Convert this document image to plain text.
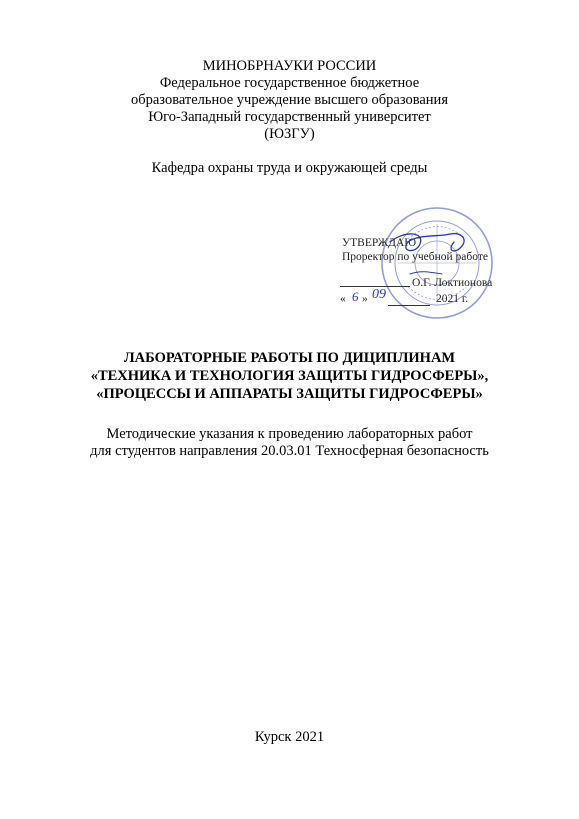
МИНОБРНАУКИ РОССИИ
Федеральное государственное бюджетное
образовательное учреждение высшего образования
Юго-Западный государственный университет
(ЮЗГУ)
Кафедра охраны труда и окружающей среды
УТВЕРЖДАЮ
Проректор по учебной работе
О.Г. Локтионова
« 6 » 09	2021 г.
ЛАБОРАТОРНЫЕ РАБОТЫ ПО ДИЦИПЛИНАМ
«ТЕХНИКА И ТЕХНОЛОГИЯ ЗАЩИТЫ ГИДРОСФЕРЫ»,
«ПРОЦЕССЫ И АППАРАТЫ ЗАЩИТЫ ГИДРОСФЕРЫ»
Методические указания к проведению лабораторных работ
для студентов направления 20.03.01 Техносферная безопасность
Курск 2021
